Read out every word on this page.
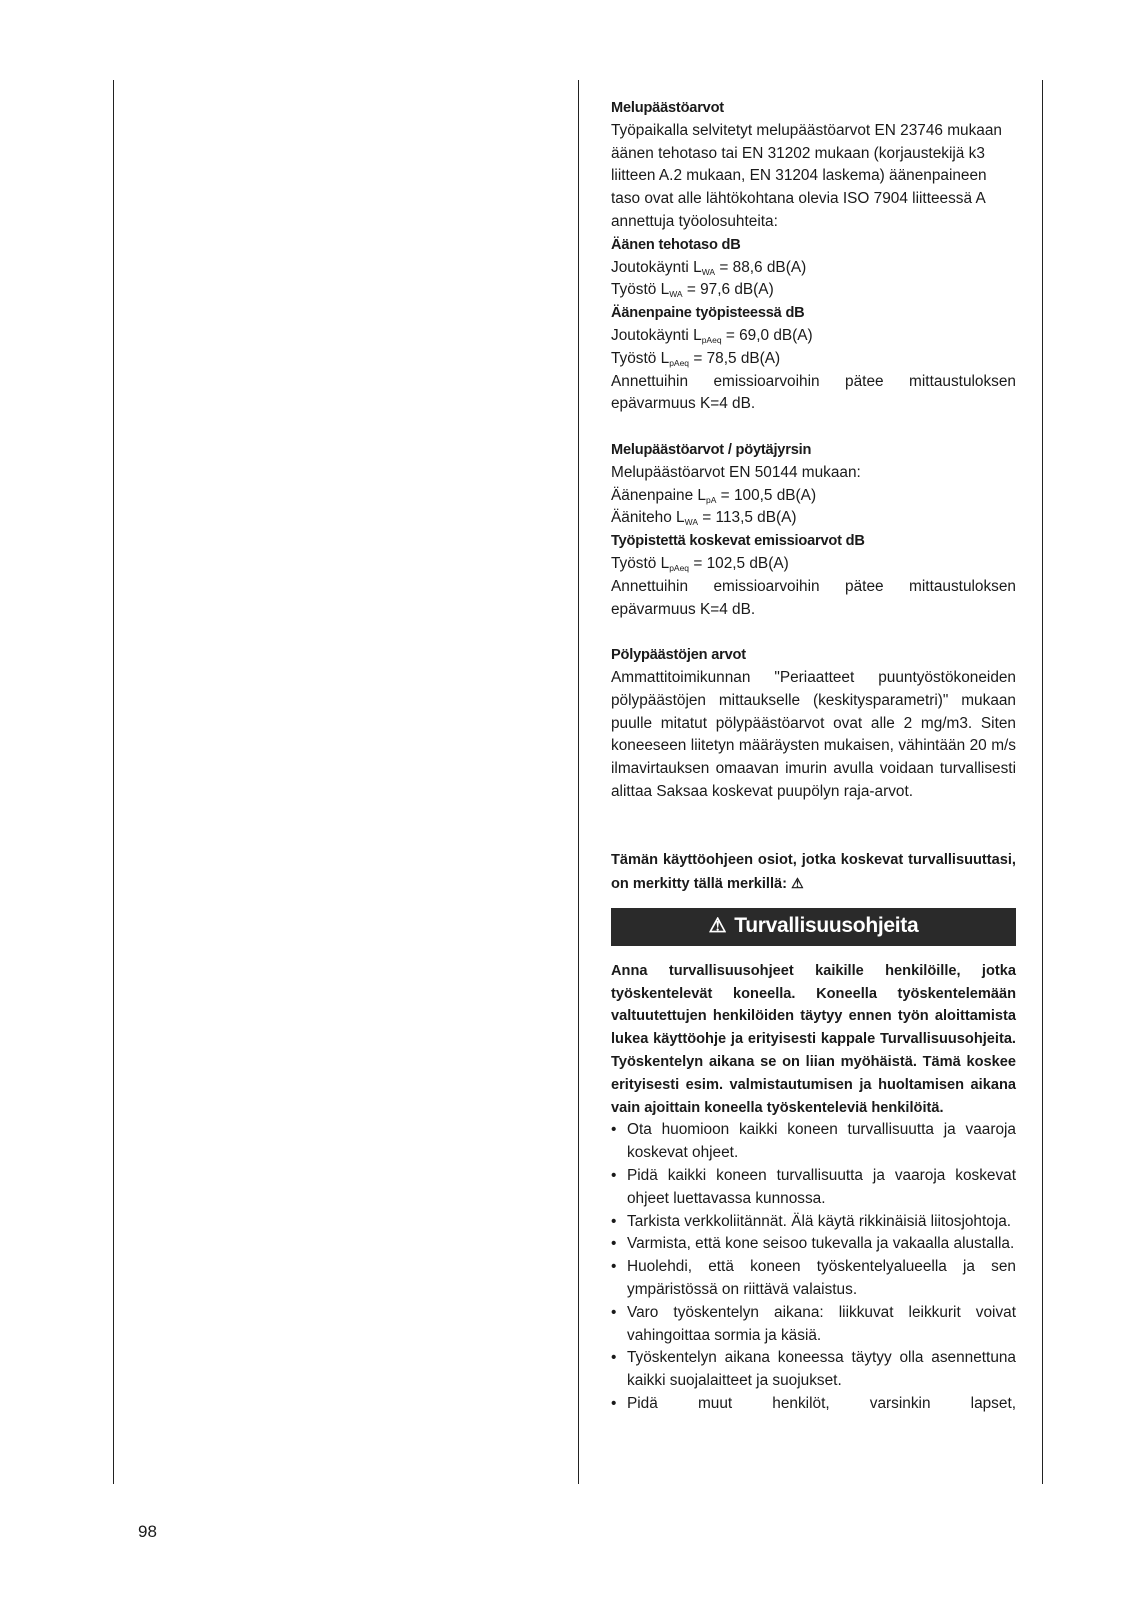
Melupäästöarvot

Työpaikalla selvitetyt melupäästöarvot EN 23746 mukaan äänen tehotaso tai EN 31202 mukaan (korjaustekijä k3 liitteen A.2 mukaan, EN 31204 laskema) äänenpaineen taso ovat alle lähtökohtana olevia ISO 7904 liitteessä A annettuja työolosuhteita:

Äänen tehotaso dB
Joutokäynti $L_{WA} = 88,6$ dB(A)
Työstö $L_{WA} = 97,6$ dB(A)
Äänenpaine työpisteessä dB
Joutokäynti $L_{pAeq} = 69,0$ dB(A)
Työstö $L_{pAeq} = 78,5$ dB(A)

Annettuihin emissioarvoihin pätee mittaustuloksen epävarmuus K=4 dB.

Melupäästöarvot / pöytäjyrsin
Melupäästöarvot EN 50144 mukaan:
Äänenpaine $L_{pA} = 100,5$ dB(A)
Ääniteho $L_{WA} = 113,5$ dB(A)
Työpistettä koskevat emissioarvot dB
Työstö $L_{pAeq} = 102,5$ dB(A)

Annettuihin emissioarvoihin pätee mittaustuloksen epävarmuus K=4 dB.

Pölypäästöjen arvot

Ammattitoimikunnan "Periaatteet puuntyöstökoneiden pölypäästöjen mittaukselle (keskitysparametri)" mukaan puulle mitatut pölypäästöarvot ovat alle 2 mg/m3. Siten koneeseen liitetyn määräysten mukaisen, vähintään 20 m/s ilmavirtauksen omaavan imurin avulla voidaan turvallisesti alittaa Saksaa koskevat puupölyn raja-arvot.

Tämän käyttöohjeen osiot, jotka koskevat turvallisuuttasi, on merkitty tällä merkillä: ⚠
⚠ Turvallisuusohjeita

Anna turvallisuusohjeet kaikille henkilöille, jotka työskentelevät koneella. Koneella työskentelemään valtuutettujen henkilöiden täytyy ennen työn aloittamista lukea käyttöohje ja erityisesti kappale Turvallisuusohjeita. Työskentelyn aikana se on liian myöhäistä. Tämä koskee erityisesti esim. valmistautumisen ja huoltamisen aikana vain ajoittain koneella työskenteleviä henkilöitä.

• Ota huomioon kaikki koneen turvallisuutta ja vaaroja koskevat ohjeet.
• Pidä kaikki koneen turvallisuutta ja vaaroja koskevat ohjeet luettavassa kunnossa.
• Tarkista verkkoliitännät. Älä käytä rikkinäisiä liitosjohtoja.
• Varmista, että kone seisoo tukevalla ja vakaalla alustalla.
• Huolehdi, että koneen työskentelyalueella ja sen ympäristössä on riittävä valaistus.
• Varo työskentelyn aikana: liikkuvat leikkurit voivat vahingoittaa sormia ja käsiä.
• Työskentelyn aikana koneessa täytyy olla asennettuna kaikki suojalaitteet ja suojukset.
• Pidä muut henkilöt, varsinkin lapset,
98
